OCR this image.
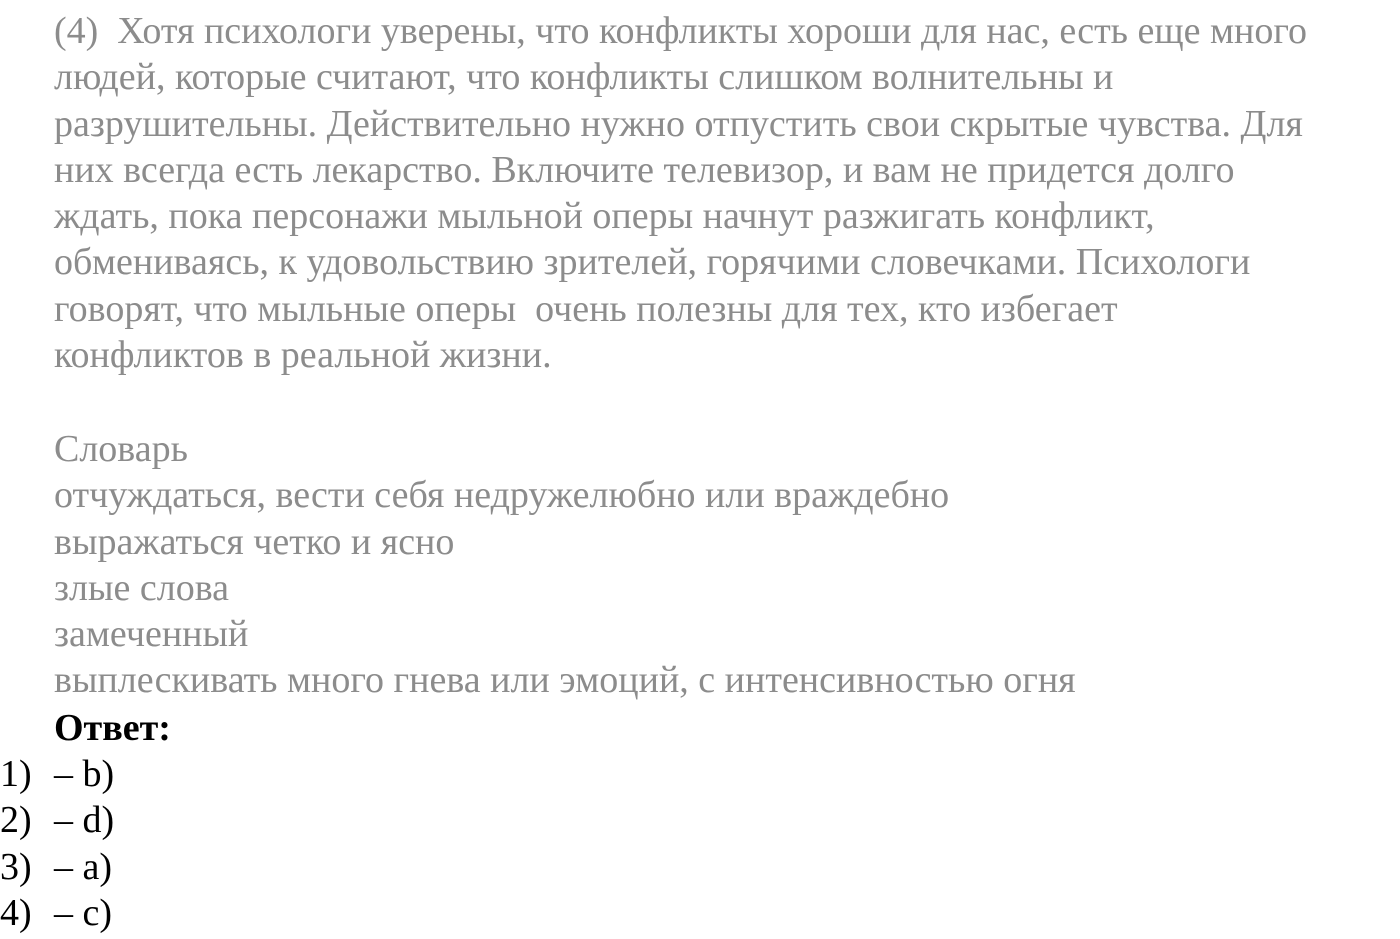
(4)  Хотя психологи уверены, что конфликты хороши для нас, есть еще много
людей, которые считают, что конфликты слишком волнительны и
разрушительны. Действительно нужно отпустить свои скрытые чувства. Для
них всегда есть лекарство. Включите телевизор, и вам не придется долго
ждать, пока персонажи мыльной оперы начнут разжигать конфликт,
обмениваясь, к удовольствию зрителей, горячими словечками. Психологи
говорят, что мыльные оперы  очень полезны для тех, кто избегает
конфликтов в реальной жизни.
Словарь
отчуждаться, вести себя недружелюбно или враждебно
выражаться четко и ясно
злые слова
замеченный
выплескивать много гнева или эмоций, с интенсивностью огня
Ответ:
1) – b)
2) – d)
3) – a)
4) – c)
